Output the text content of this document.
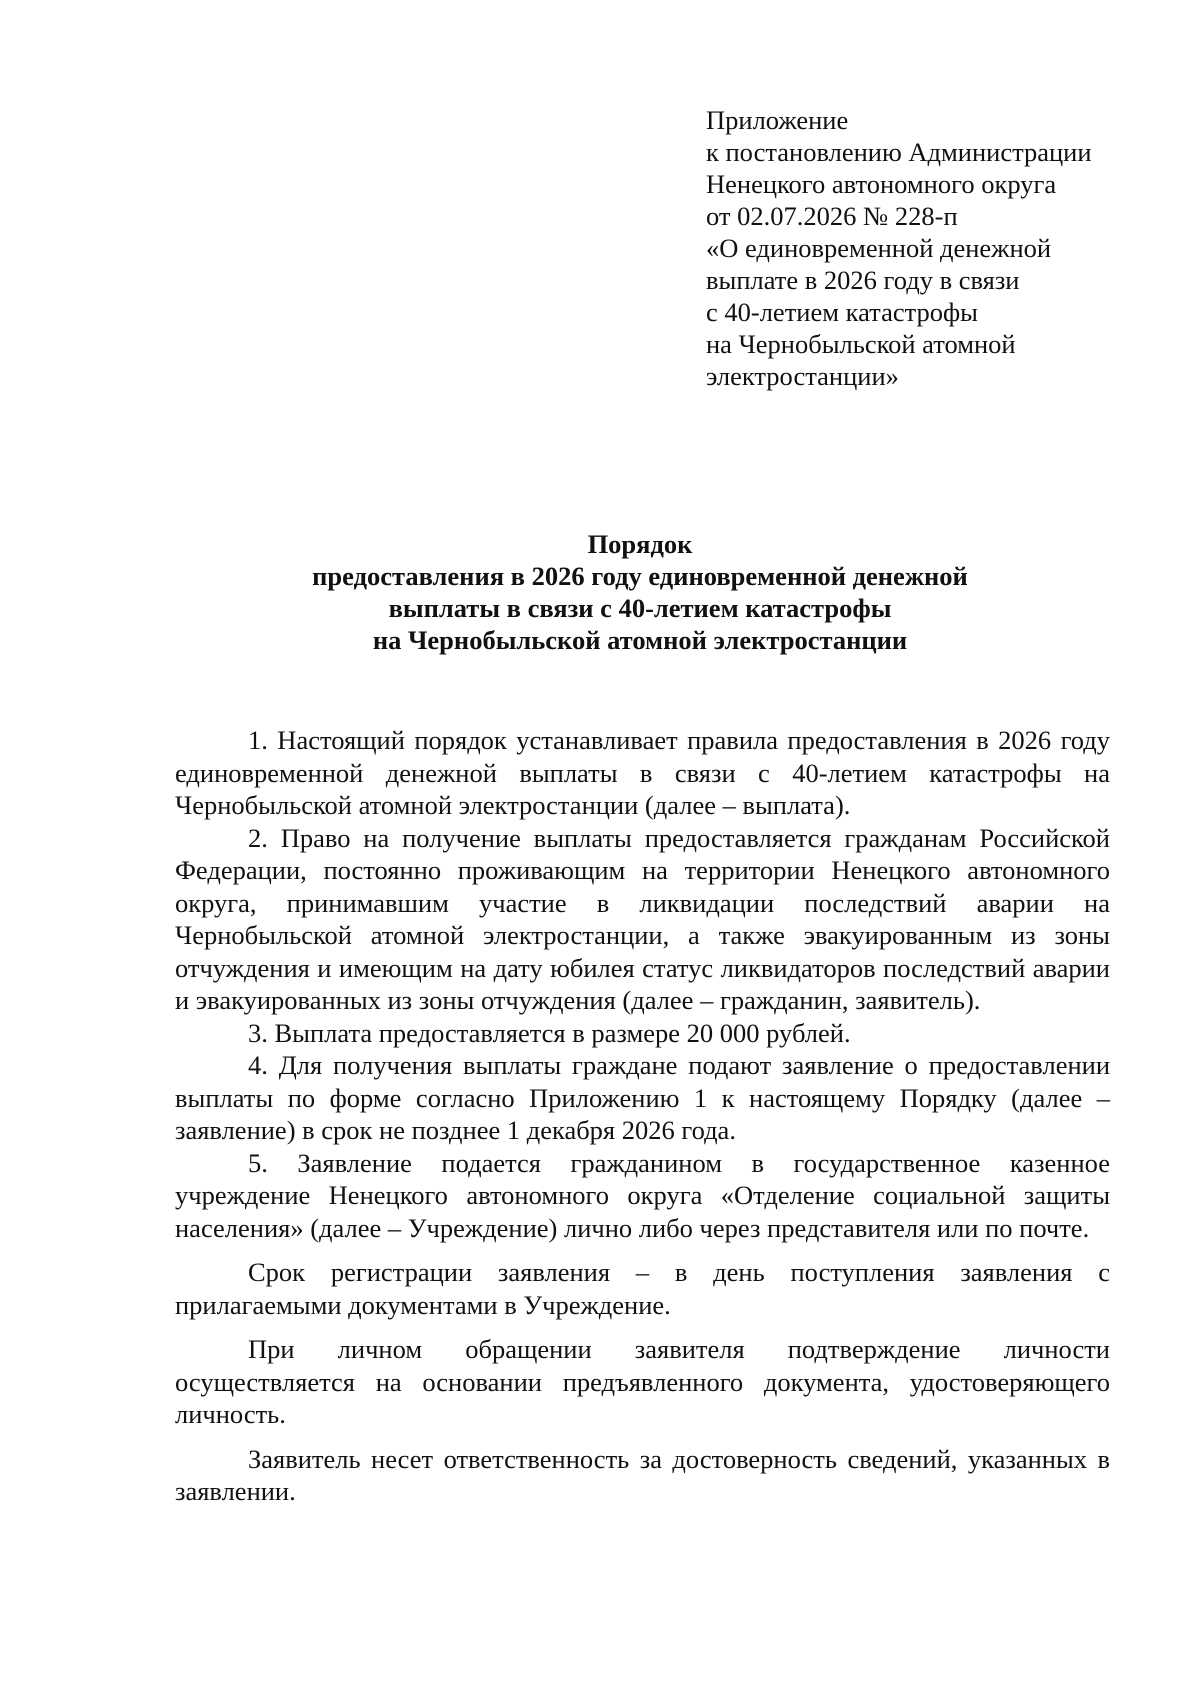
Приложение
к постановлению Администрации
Ненецкого автономного округа
от 02.07.2026 № 228-п
«О единовременной денежной
выплате в 2026 году в связи
с 40-летием катастрофы
на Чернобыльской атомной
электростанции»
Порядок
предоставления в 2026 году единовременной денежной
выплаты в связи с 40-летием катастрофы
на Чернобыльской атомной электростанции

1. Настоящий порядок устанавливает правила предоставления в 2026 году единовременной денежной выплаты в связи с 40-летием катастрофы на Чернобыльской атомной электростанции (далее – выплата).

2. Право на получение выплаты предоставляется гражданам Российской Федерации, постоянно проживающим на территории Ненецкого автономного округа, принимавшим участие в ликвидации последствий аварии на Чернобыльской атомной электростанции, а также эвакуированным из зоны отчуждения и имеющим на дату юбилея статус ликвидаторов последствий аварии и эвакуированных из зоны отчуждения (далее – гражданин, заявитель).

3. Выплата предоставляется в размере 20 000 рублей.

4. Для получения выплаты граждане подают заявление о предоставлении выплаты по форме согласно Приложению 1 к настоящему Порядку (далее – заявление) в срок не позднее 1 декабря 2026 года.

5. Заявление подается гражданином в государственное казенное учреждение Ненецкого автономного округа «Отделение социальной защиты населения» (далее – Учреждение) лично либо через представителя или по почте.

Срок регистрации заявления – в день поступления заявления с прилагаемыми документами в Учреждение.

При личном обращении заявителя подтверждение личности осуществляется на основании предъявленного документа, удостоверяющего личность.

Заявитель несет ответственность за достоверность сведений, указанных в заявлении.
